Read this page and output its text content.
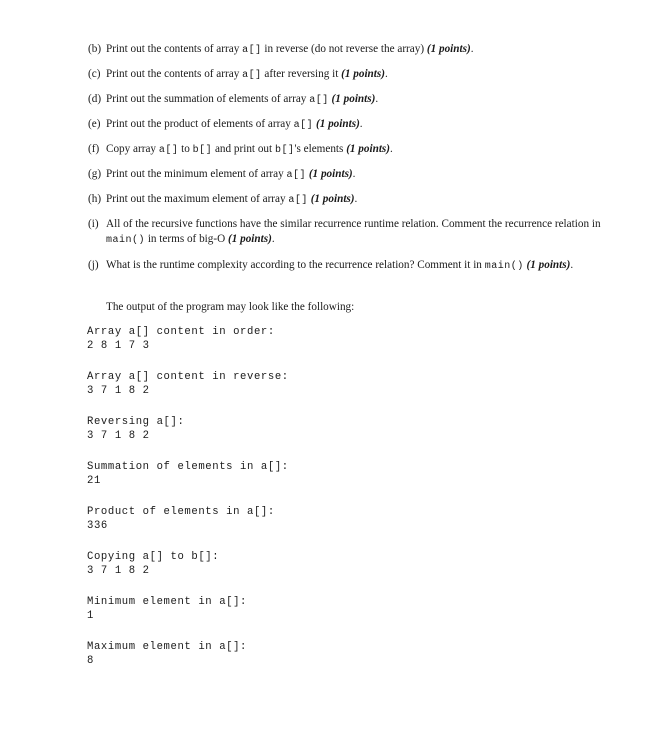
(b) Print out the contents of array a[] in reverse (do not reverse the array) (1 points).
(c) Print out the contents of array a[] after reversing it (1 points).
(d) Print out the summation of elements of array a[] (1 points).
(e) Print out the product of elements of array a[] (1 points).
(f) Copy array a[] to b[] and print out b[]'s elements (1 points).
(g) Print out the minimum element of array a[] (1 points).
(h) Print out the maximum element of array a[] (1 points).
(i) All of the recursive functions have the similar recurrence runtime relation. Comment the recurrence relation in main() in terms of big-O (1 points).
(j) What is the runtime complexity according to the recurrence relation? Comment it in main() (1 points).
The output of the program may look like the following:
Array a[] content in order:
2 8 1 7 3
Array a[] content in reverse:
3 7 1 8 2
Reversing a[]:
3 7 1 8 2
Summation of elements in a[]:
21
Product of elements in a[]:
336
Copying a[] to b[]:
3 7 1 8 2
Minimum element in a[]:
1
Maximum element in a[]:
8
